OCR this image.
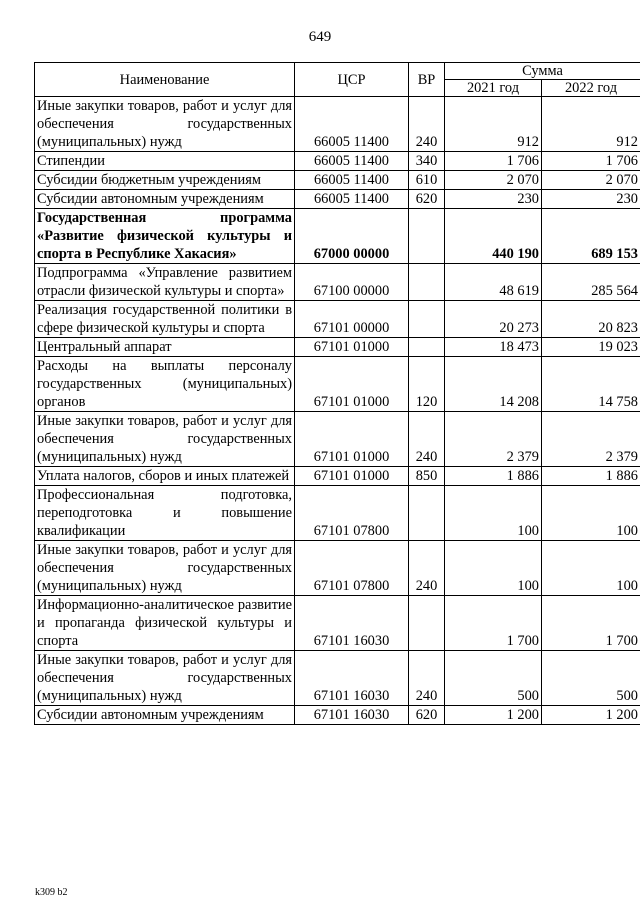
649
Наименование	ЦСР	ВР	Сумма	
			2021 год	2022 год
Иные закупки товаров, работ и услуг для обеспечения государственных (муниципальных) нужд	66005 11400	240	912	912
Стипендии	66005 11400	340	1 706	1 706
Субсидии бюджетным учреждениям	66005 11400	610	2 070	2 070
Субсидии автономным учреждениям	66005 11400	620	230	230
Государственная программа «Развитие физической культуры и спорта в Республике Хакасия»	67000 00000		440 190	689 153
Подпрограмма «Управление развитием отрасли физической культуры и спорта»	67100 00000		48 619	285 564
Реализация государственной политики в сфере физической культуры и спорта	67101 00000		20 273	20 823
Центральный аппарат	67101 01000		18 473	19 023
Расходы на выплаты персоналу государственных (муниципальных) органов	67101 01000	120	14 208	14 758
Иные закупки товаров, работ и услуг для обеспечения государственных (муниципальных) нужд	67101 01000	240	2 379	2 379
Уплата налогов, сборов и иных платежей	67101 01000	850	1 886	1 886
Профессиональная подготовка, переподготовка и повышение квалификации	67101 07800		100	100
Иные закупки товаров, работ и услуг для обеспечения государственных (муниципальных) нужд	67101 07800	240	100	100
Информационно-аналитическое развитие и пропаганда физической культуры и спорта	67101 16030		1 700	1 700
Иные закупки товаров, работ и услуг для обеспечения государственных (муниципальных) нужд	67101 16030	240	500	500
Субсидии автономным учреждениям	67101 16030	620	1 200	1 200
k309 b2
